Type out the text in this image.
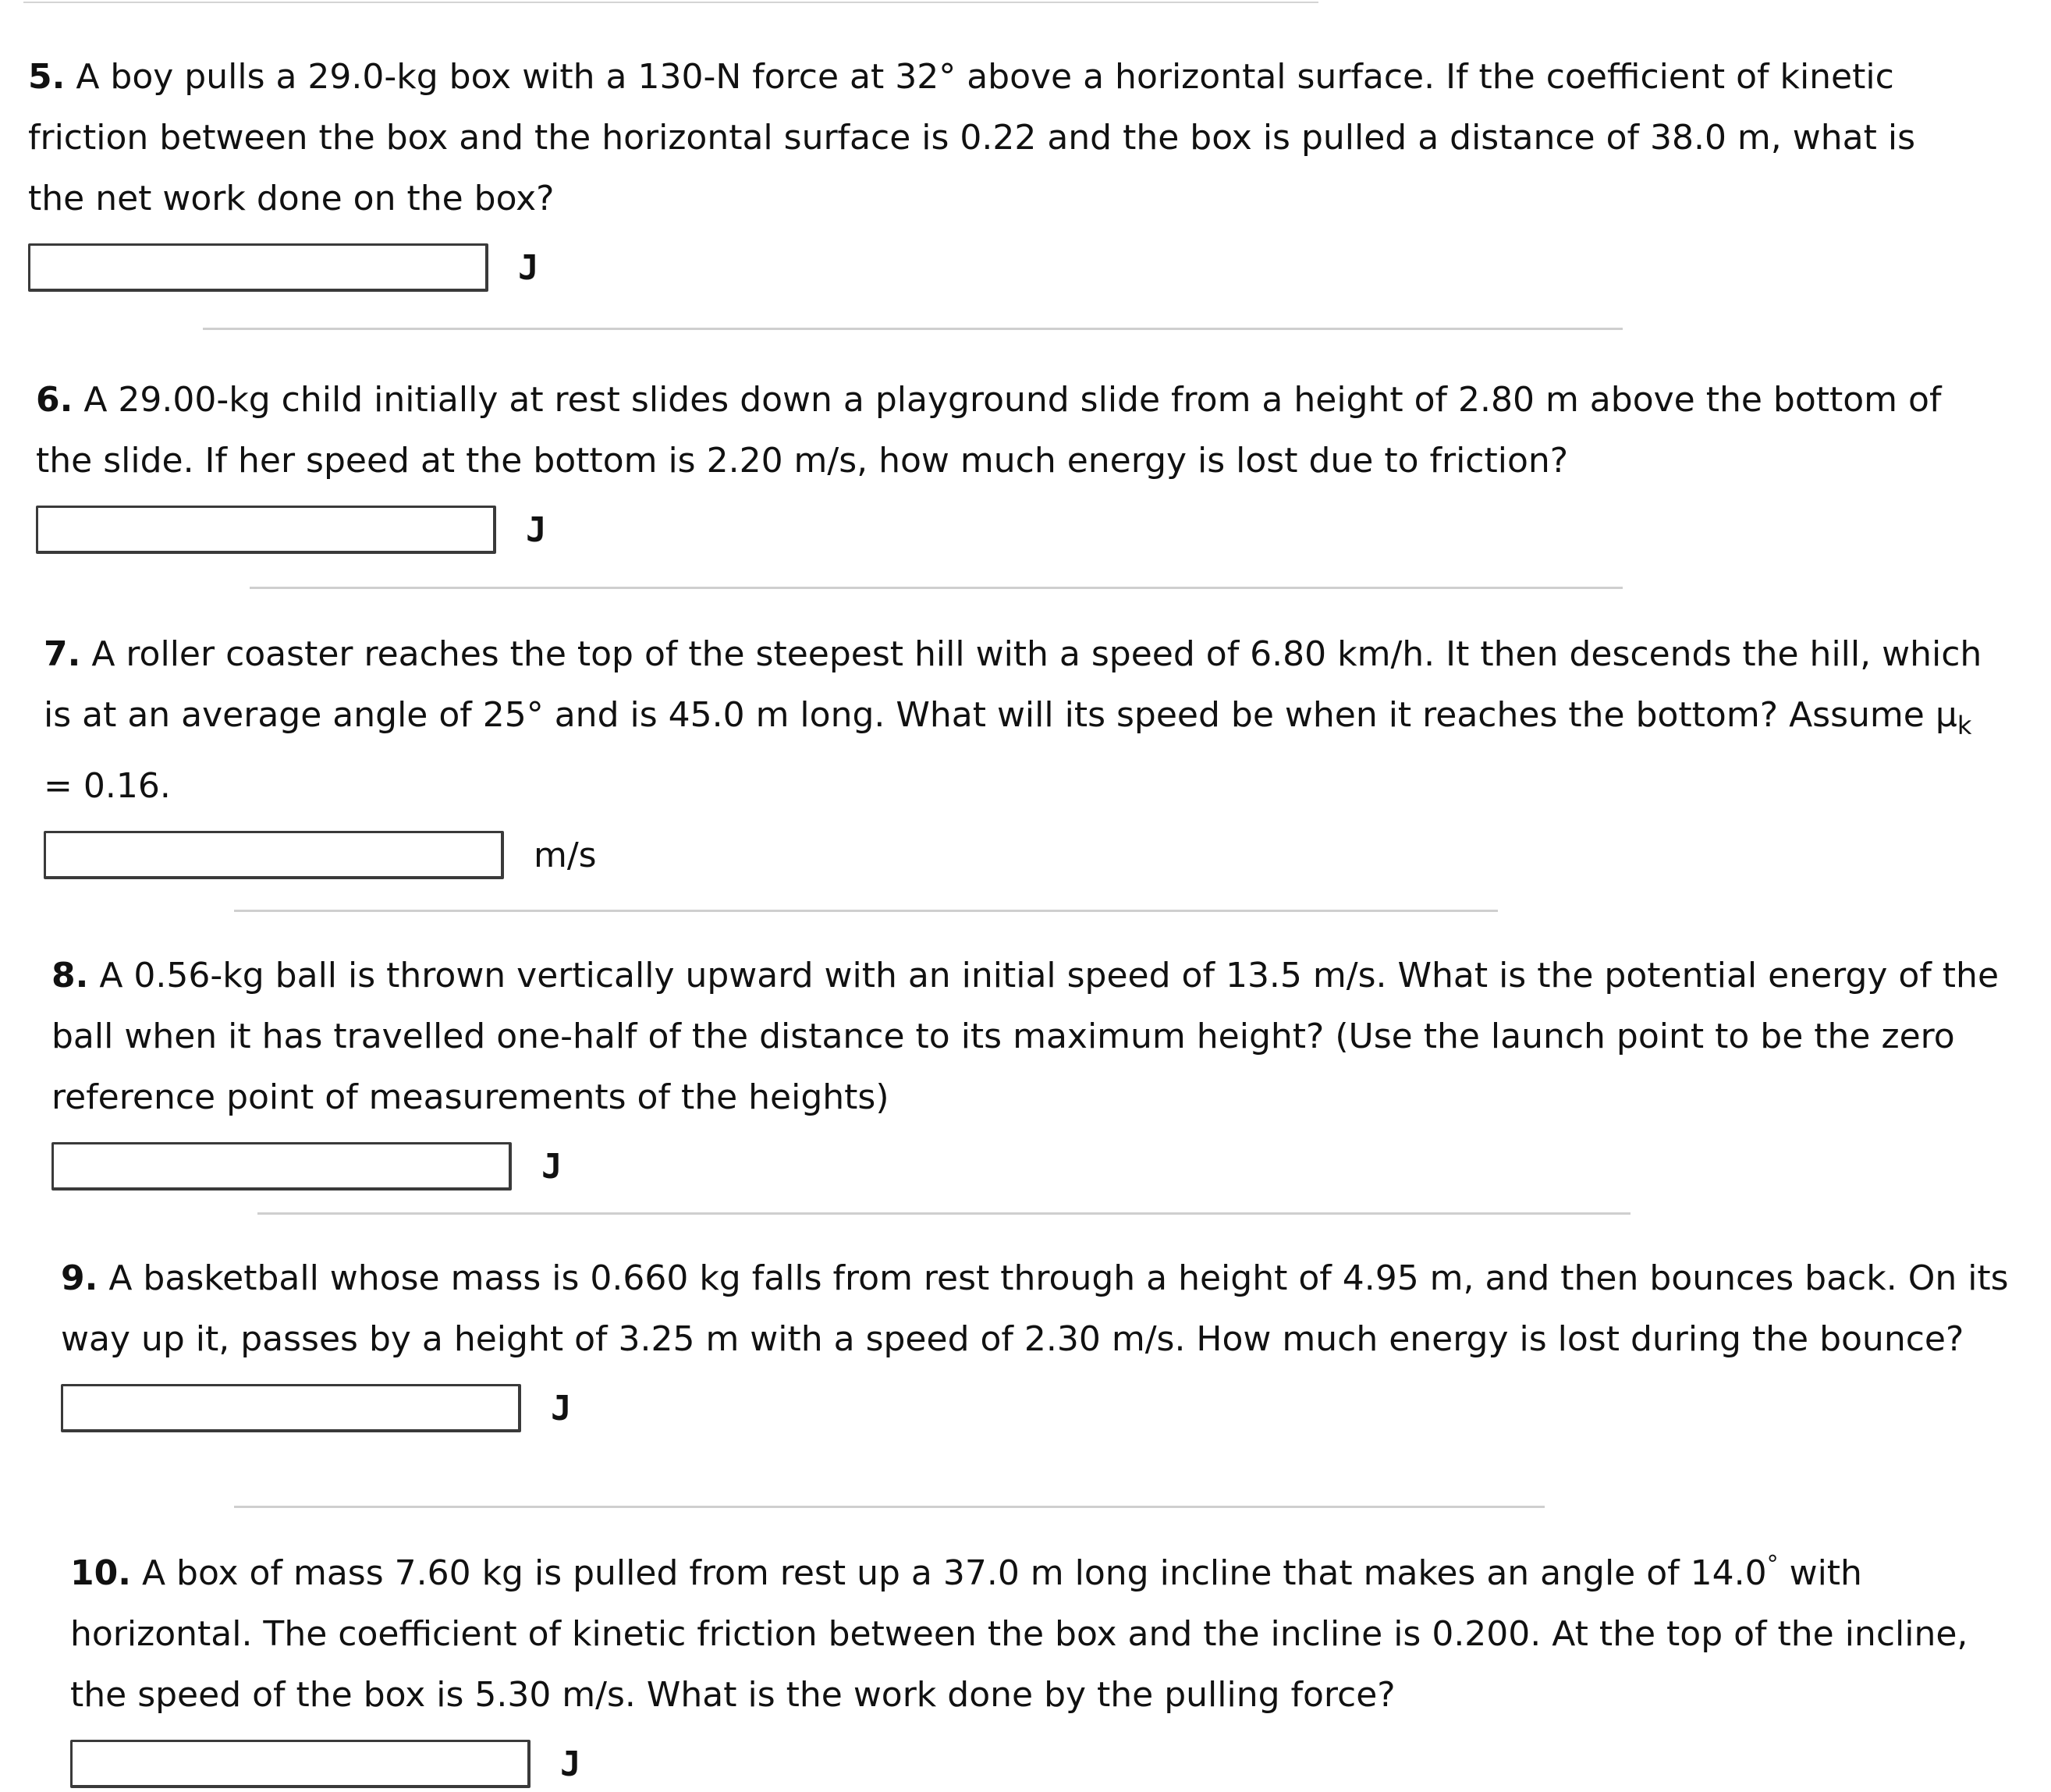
5. A boy pulls a 29.0-kg box with a 130-N force at 32° above a horizontal surface. If the coefficient of kinetic friction between the box and the horizontal surface is 0.22 and the box is pulled a distance of 38.0 m, what is the net work done on the box?

J

6. A 29.00-kg child initially at rest slides down a playground slide from a height of 2.80 m above the bottom of the slide. If her speed at the bottom is 2.20 m/s, how much energy is lost due to friction?

J

7. A roller coaster reaches the top of the steepest hill with a speed of 6.80 km/h. It then descends the hill, which is at an average angle of 25° and is 45.0 m long. What will its speed be when it reaches the bottom? Assume $\mu_k = 0.16$.

m/s

8. A 0.56-kg ball is thrown vertically upward with an initial speed of 13.5 m/s. What is the potential energy of the ball when it has travelled one-half of the distance to its maximum height? (Use the launch point to be the zero reference point of measurements of the heights)

J

9. A basketball whose mass is 0.660 kg falls from rest through a height of 4.95 m, and then bounces back. On its way up it, passes by a height of 3.25 m with a speed of 2.30 m/s. How much energy is lost during the bounce?

J

10. A box of mass 7.60 kg is pulled from rest up a 37.0 m long incline that makes an angle of 14.0° with horizontal. The coefficient of kinetic friction between the box and the incline is 0.200. At the top of the incline, the speed of the box is 5.30 m/s. What is the work done by the pulling force?

J
